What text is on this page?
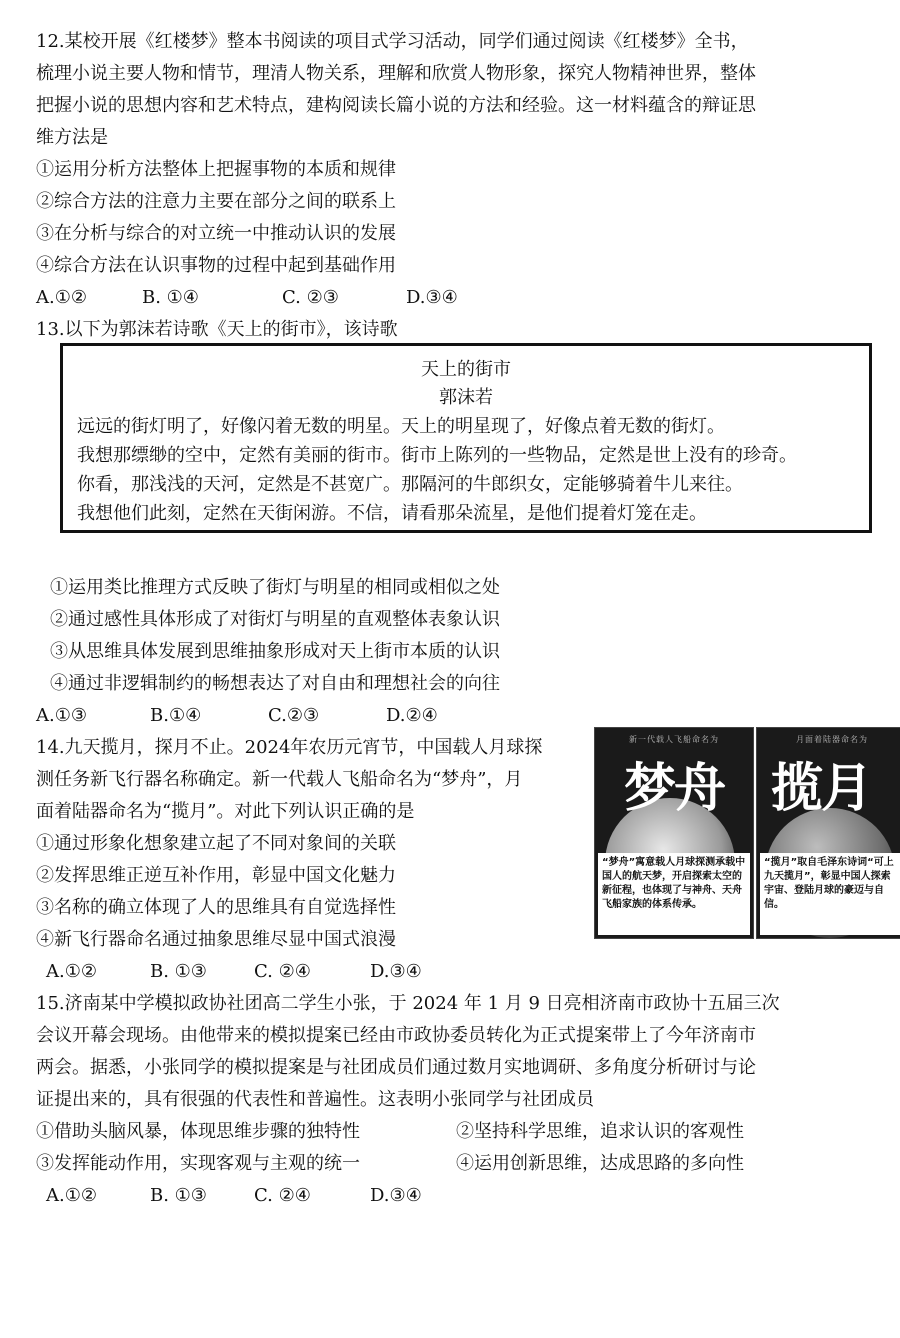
12.某校开展《红楼梦》整本书阅读的项目式学习活动，同学们通过阅读《红楼梦》全书，
梳理小说主要人物和情节，理清人物关系，理解和欣赏人物形象，探究人物精神世界，整体
把握小说的思想内容和艺术特点，建构阅读长篇小说的方法和经验。这一材料蕴含的辩证思
维方法是
①运用分析方法整体上把握事物的本质和规律
②综合方法的注意力主要在部分之间的联系上
③在分析与综合的对立统一中推动认识的发展
④综合方法在认识事物的过程中起到基础作用
A.①②	B. ①④	C. ②③	D.③④
13.以下为郭沫若诗歌《天上的街市》，该诗歌
天上的街市
郭沫若
远远的街灯明了，好像闪着无数的明星。天上的明星现了，好像点着无数的街灯。
我想那缥缈的空中，定然有美丽的街市。街市上陈列的一些物品，定然是世上没有的珍奇。
你看，那浅浅的天河，定然是不甚宽广。那隔河的牛郎织女，定能够骑着牛儿来往。
我想他们此刻，定然在天街闲游。不信，请看那朵流星，是他们提着灯笼在走。
①运用类比推理方式反映了街灯与明星的相同或相似之处
②通过感性具体形成了对街灯与明星的直观整体表象认识
③从思维具体发展到思维抽象形成对天上街市本质的认识
④通过非逻辑制约的畅想表达了对自由和理想社会的向往
A.①③	B.①④	C.②③	D.②④
14.九天揽月，探月不止。2024年农历元宵节，中国载人月球探
测任务新飞行器名称确定。新一代载人飞船命名为“梦舟”，月
面着陆器命名为“揽月”。对此下列认识正确的是
①通过形象化想象建立起了不同对象间的关联
②发挥思维正逆互补作用，彰显中国文化魅力
③名称的确立体现了人的思维具有自觉选择性
④新飞行器命名通过抽象思维尽显中国式浪漫
A.①②	B. ①③	C. ②④	D.③④
新一代载人飞船命名为
梦舟
“梦舟”寓意载人月球探测承载中国人的航天梦，开启探索太空的新征程，也体现了与神舟、天舟飞船家族的体系传承。
月面着陆器命名为
揽月
“揽月”取自毛泽东诗词“可上九天揽月”，彰显中国人探索宇宙、登陆月球的豪迈与自信。
15.济南某中学模拟政协社团高二学生小张，于 2024 年 1 月 9 日亮相济南市政协十五届三次
会议开幕会现场。由他带来的模拟提案已经由市政协委员转化为正式提案带上了今年济南市
两会。据悉，小张同学的模拟提案是与社团成员们通过数月实地调研、多角度分析研讨与论
证提出来的，具有很强的代表性和普遍性。这表明小张同学与社团成员
①借助头脑风暴，体现思维步骤的独特性	②坚持科学思维，追求认识的客观性
③发挥能动作用，实现客观与主观的统一	④运用创新思维，达成思路的多向性
A.①②	B. ①③	C. ②④	D.③④
